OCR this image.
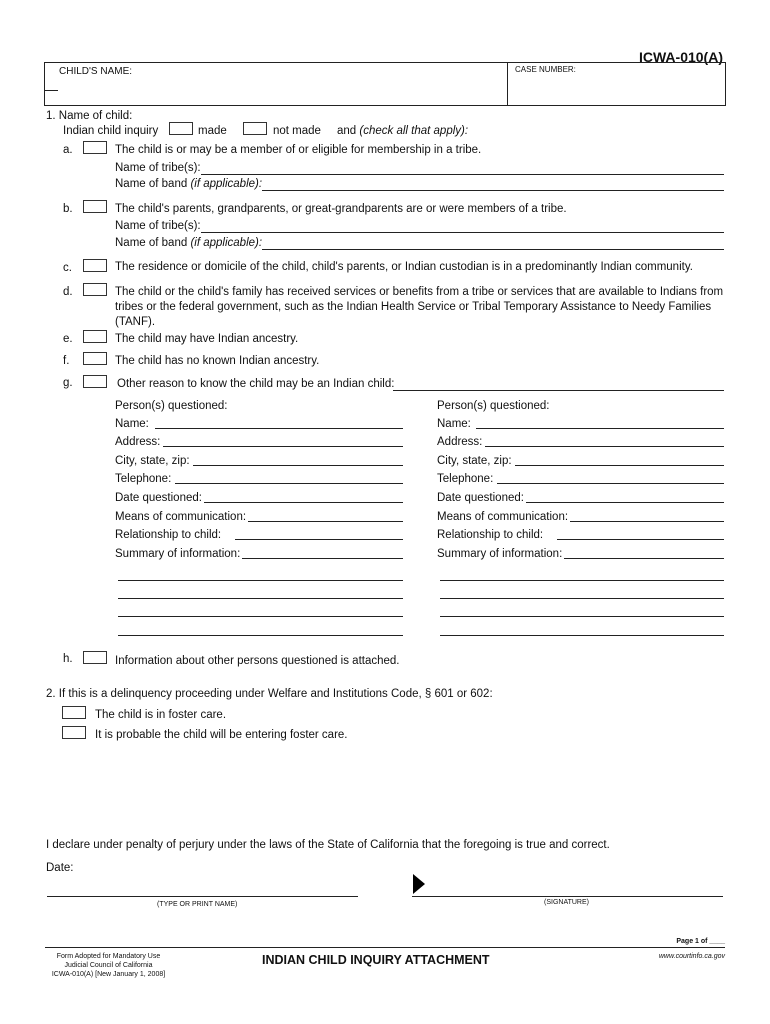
ICWA-010(A)
CHILD'S NAME:	CASE NUMBER:
1. Name of child:
Indian child inquiry	made	not made and (check all that apply):
a.	The child is or may be a member of or eligible for membership in a tribe.
Name of tribe(s):
Name of band (if applicable):
b.	The child's parents, grandparents, or great-grandparents are or were members of a tribe.
Name of tribe(s):
Name of band (if applicable):
c.	The residence or domicile of the child, child's parents, or Indian custodian is in a predominantly Indian community.
d.	The child or the child's family has received services or benefits from a tribe or services that are available to Indians from tribes or the federal government, such as the Indian Health Service or Tribal Temporary Assistance to Needy Families (TANF).
e.	The child may have Indian ancestry.
f.	The child has no known Indian ancestry.
g.	Other reason to know the child may be an Indian child:
Person(s) questioned:
Name:
Address:
City, state, zip:
Telephone:
Date questioned:
Means of communication:
Relationship to child:
Summary of information:
Person(s) questioned:
Name:
Address:
City, state, zip:
Telephone:
Date questioned:
Means of communication:
Relationship to child:
Summary of information:
h.	Information about other persons questioned is attached.
2. If this is a delinquency proceeding under Welfare and Institutions Code, § 601 or 602:
The child is in foster care.
It is probable the child will be entering foster care.
I declare under penalty of perjury under the laws of the State of California that the foregoing is true and correct.
Date:
(TYPE OR PRINT NAME)	(SIGNATURE)
Page 1 of ____
Form Adopted for Mandatory Use
Judicial Council of California
ICWA-010(A) [New January 1, 2008]
INDIAN CHILD INQUIRY ATTACHMENT	www.courtinfo.ca.gov
